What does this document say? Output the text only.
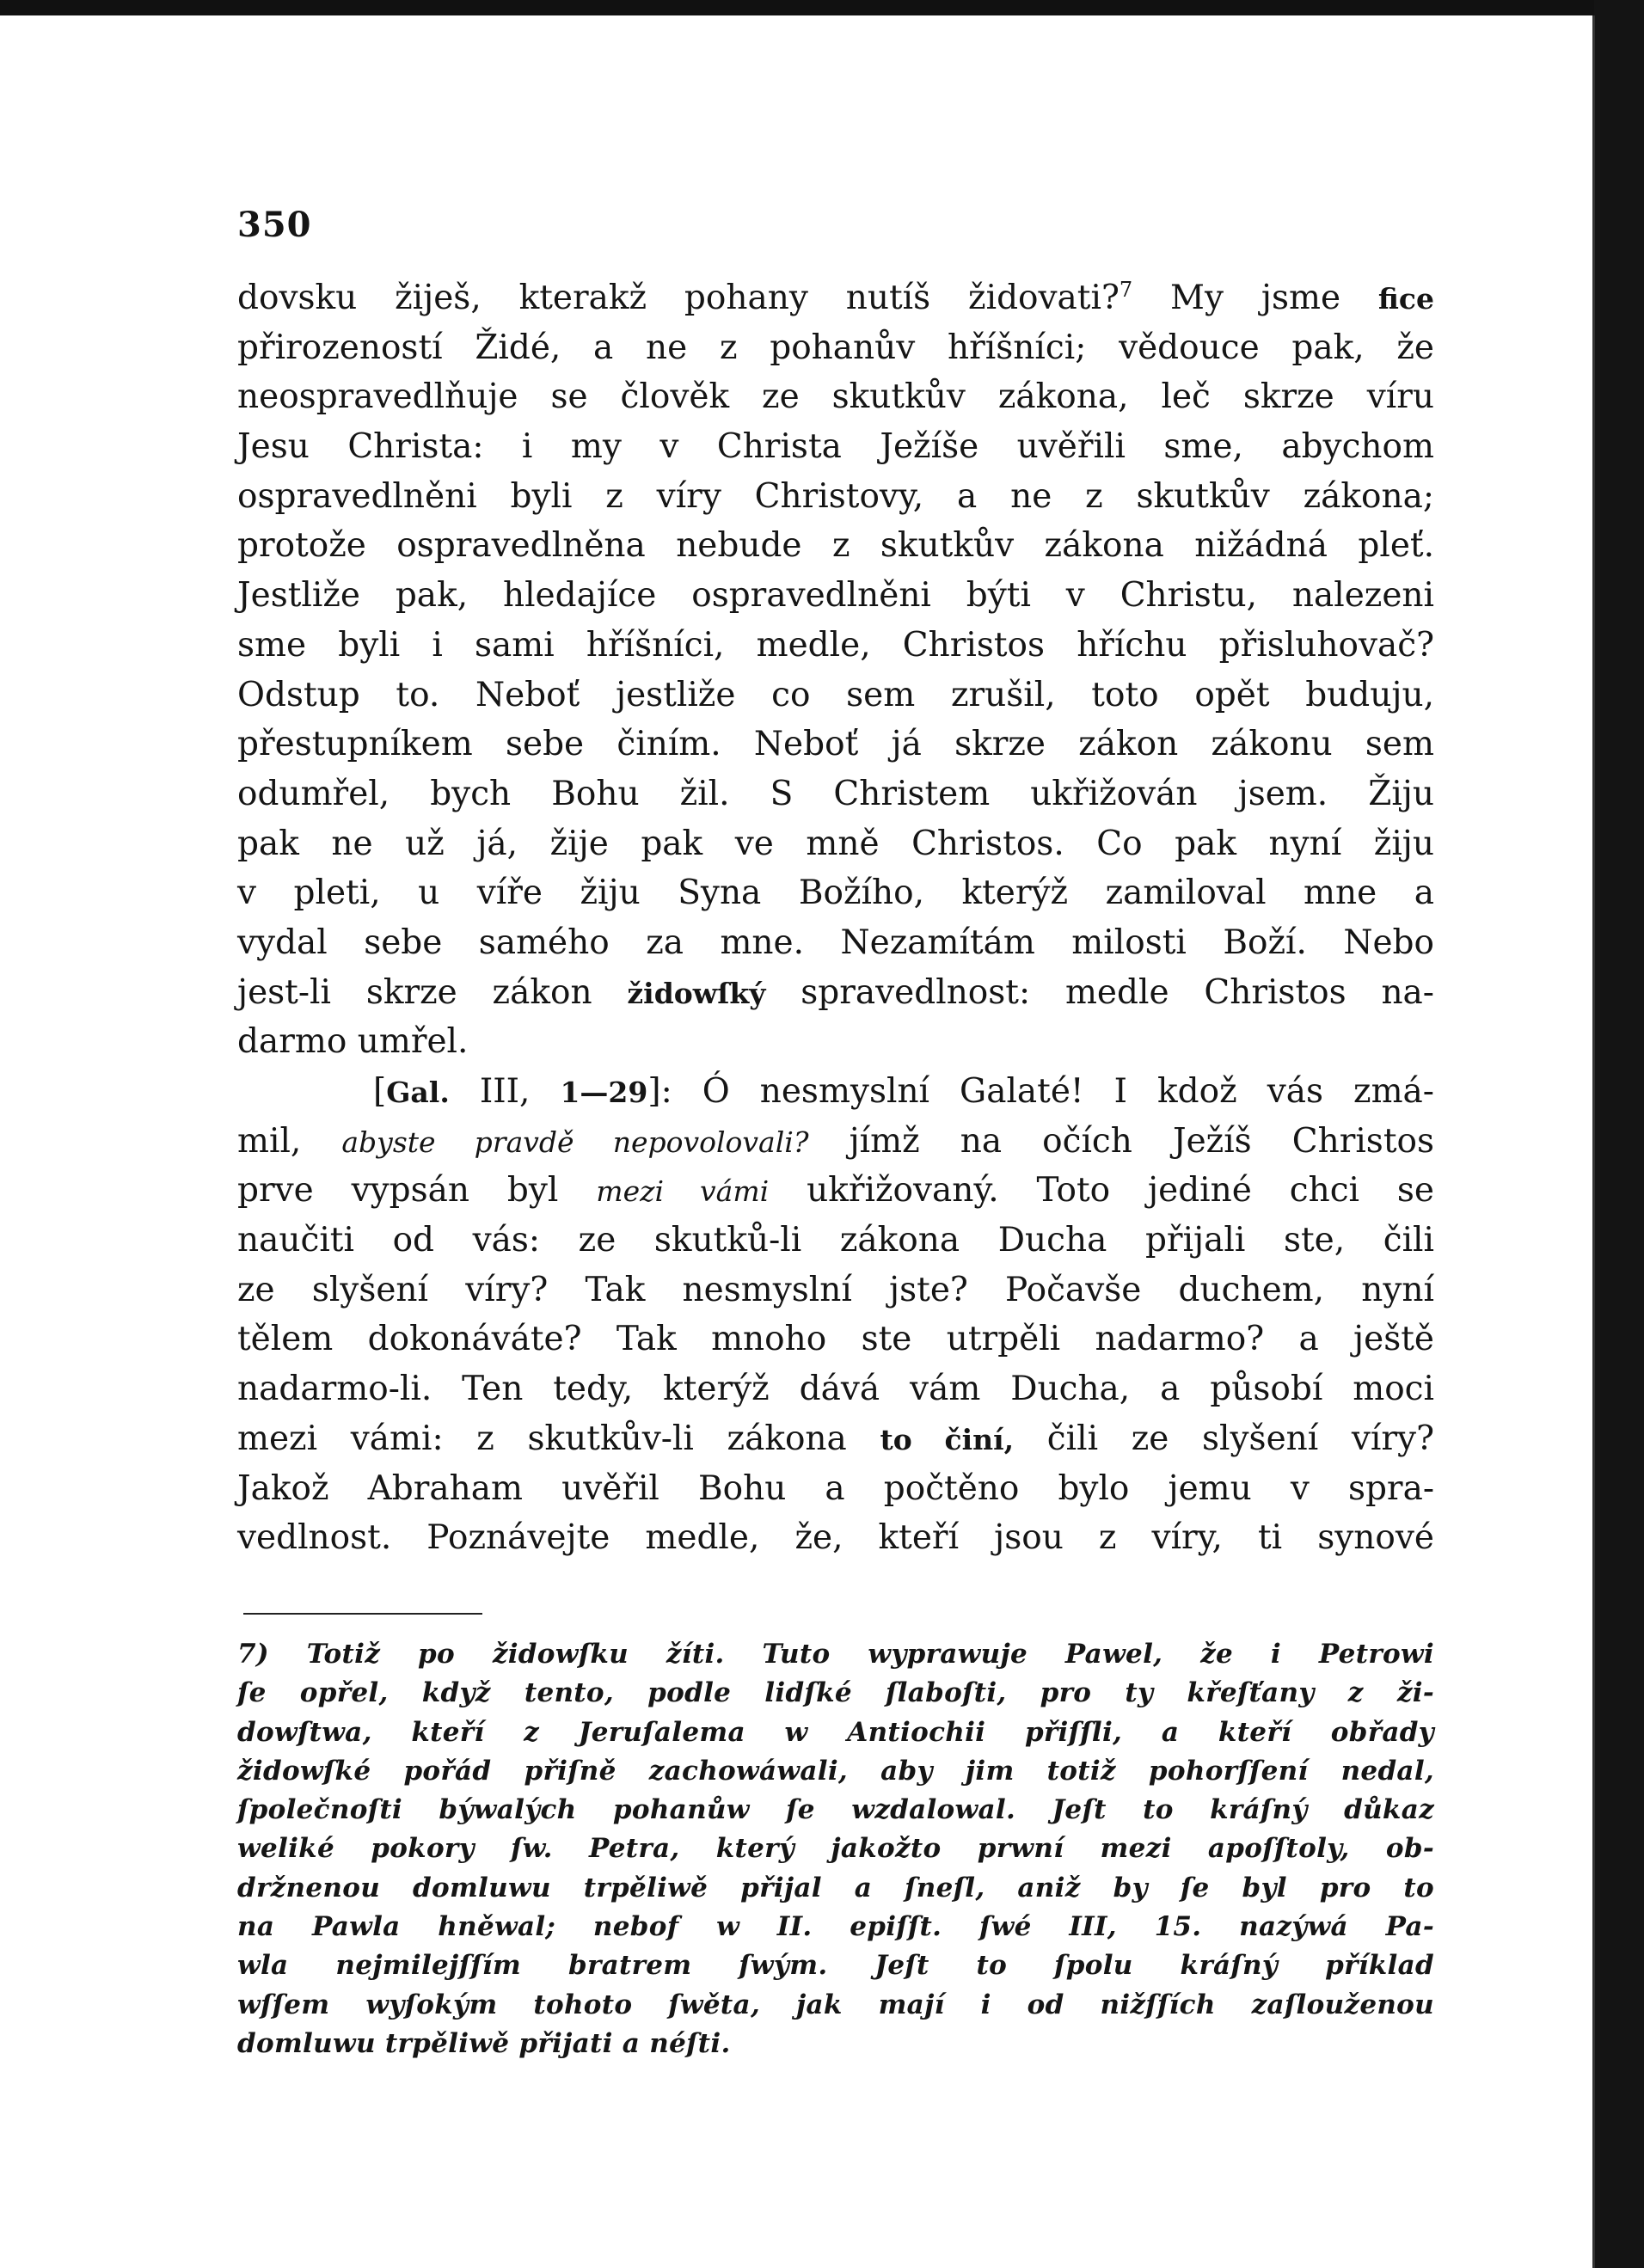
350
dovsku žiješ, kterakž pohany nutíš židovati?$^7$ My jsme fice
přirozeností Židé, a ne z pohanův hříšníci; vědouce pak, že
neospravedlňuje se člověk ze skutkův zákona, leč skrze víru
Jesu Christa: i my v Christa Ježíše uvěřili sme, abychom
ospravedlněni byli z víry Christovy, a ne z skutkův zákona;
protože ospravedlněna nebude z skutkův zákona nižádná pleť.
Jestliže pak, hledajíce ospravedlněni býti v Christu, nalezeni
sme byli i sami hříšníci, medle, Christos hříchu přisluhovač?
Odstup to. Neboť jestliže co sem zrušil, toto opět buduju,
přestupníkem sebe činím. Neboť já skrze zákon zákonu sem
odumřel, bych Bohu žil. S Christem ukřižován jsem. Žiju
pak ne už já, žije pak ve mně Christos. Co pak nyní žiju
v pleti, u víře žiju Syna Božího, kterýž zamiloval mne a
vydal sebe samého za mne. Nezamítám milosti Boží. Nebo
jest-li skrze zákon židowſký spravedlnost: medle Christos na-
darmo umřel.
[Gal. III, 1—29]: Ó nesmyslní Galaté! I kdož vás zmá-
mil, abyste pravdě nepovolovali? jímž na očích Ježíš Christos
prve vypsán byl mezi vámi ukřižovaný. Toto jediné chci se
naučiti od vás: ze skutků-li zákona Ducha přijali ste, čili
ze slyšení víry? Tak nesmyslní jste? Počavše duchem, nyní
tělem dokonáváte? Tak mnoho ste utrpěli nadarmo? a ještě
nadarmo-li. Ten tedy, kterýž dává vám Ducha, a působí moci
mezi vámi: z skutkův-li zákona to činí, čili ze slyšení víry?
Jakož Abraham uvěřil Bohu a počtěno bylo jemu v spra-
vedlnost. Poznávejte medle, že, kteří jsou z víry, ti synové
7) Totiž po židowſku žíti. Tuto wyprawuje Pawel, že i Petrowi
ſe opřel, když tento, podle lidſké ſlaboſti, pro ty křeſťany z ži-
dowſtwa, kteří z Jeruſalema w Antiochii přiſſli, a kteří obřady
židowſké pořád přiſně zachowáwali, aby jim totiž pohorſſení nedal,
ſpolečnoſti býwalých pohanůw ſe wzdalowal. Jeſt to kráſný důkaz
weliké pokory ſw. Petra, který jakožto prwní mezi apoſſtoly, ob-
držnenou domluwu trpěliwě přijal a ſneſl, aniž by ſe byl pro to
na Pawla hněwal; nebof w II. epiſſt. ſwé III, 15. nazýwá Pa-
wla nejmilejſſím bratrem ſwým. Jeſt to ſpolu kráſný příklad
wſſem wyſokým tohoto ſwěta, jak mají i od nižſſích zaſlouženou
domluwu trpěliwě přijati a néſti.
